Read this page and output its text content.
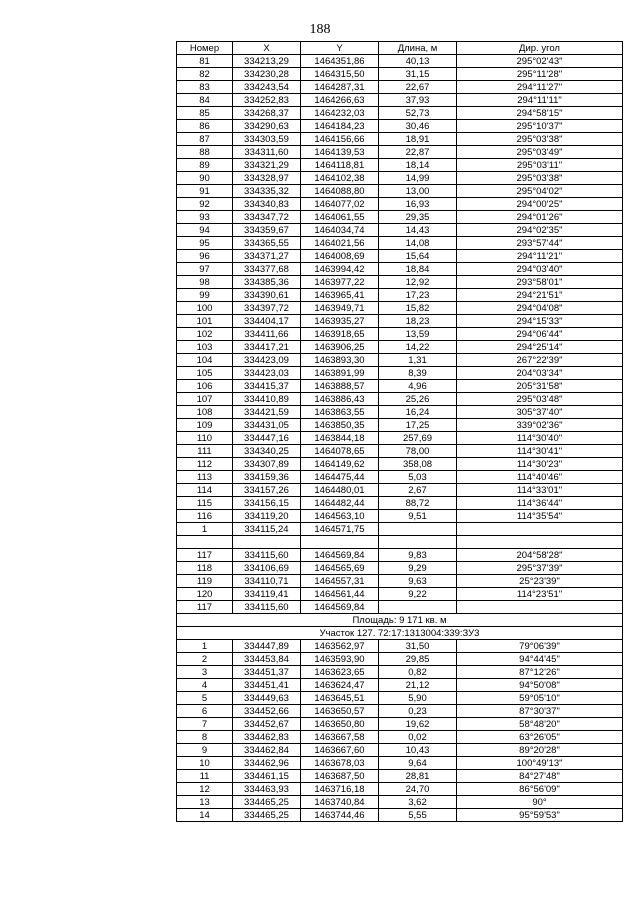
188
Номер	X	Y	Длина, м	Дир. угол
81	334213,29	1464351,86	40,13	295°02'43"
82	334230,28	1464315,50	31,15	295°11'28"
83	334243,54	1464287,31	22,67	294°11'27"
84	334252,83	1464266,63	37,93	294°11'11"
85	334268,37	1464232,03	52,73	294°58'15"
86	334290,63	1464184,23	30,46	295°10'37"
87	334303,59	1464156,66	18,91	295°03'38"
88	334311,60	1464139,53	22,87	295°03'49"
89	334321,29	1464118,81	18,14	295°03'11"
90	334328,97	1464102,38	14,99	295°03'38"
91	334335,32	1464088,80	13,00	295°04'02"
92	334340,83	1464077,02	16,93	294°00'25"
93	334347,72	1464061,55	29,35	294°01'26"
94	334359,67	1464034,74	14,43	294°02'35"
95	334365,55	1464021,56	14,08	293°57'44"
96	334371,27	1464008,69	15,64	294°11'21"
97	334377,68	1463994,42	18,84	294°03'40"
98	334385,36	1463977,22	12,92	293°58'01"
99	334390,61	1463965,41	17,23	294°21'51"
100	334397,72	1463949,71	15,82	294°04'08"
101	334404,17	1463935,27	18,23	294°15'33"
102	334411,66	1463918,65	13,59	294°06'44"
103	334417,21	1463906,25	14,22	294°25'14"
104	334423,09	1463893,30	1,31	267°22'39"
105	334423,03	1463891,99	8,39	204°03'34"
106	334415,37	1463888,57	4,96	205°31'58"
107	334410,89	1463886,43	25,26	295°03'48"
108	334421,59	1463863,55	16,24	305°37'40"
109	334431,05	1463850,35	17,25	339°02'36"
110	334447,16	1463844,18	257,69	114°30'40"
111	334340,25	1464078,65	78,00	114°30'41"
112	334307,89	1464149,62	358,08	114°30'23"
113	334159,36	1464475,44	5,03	114°40'46"
114	334157,26	1464480,01	2,67	114°33'01"
115	334156,15	1464482,44	88,72	114°36'44"
116	334119,20	1464563,10	9,51	114°35'54"
1	334115,24	1464571,75		

117	334115,60	1464569,84	9,83	204°58'28"
118	334106,69	1464565,69	9,29	295°37'39"
119	334110,71	1464557,31	9,63	25°23'39"
120	334119,41	1464561,44	9,22	114°23'51"
117	334115,60	1464569,84		
Площадь: 9 171 кв. м				
Участок 127. 72:17:1313004:339:ЗУ3				
1	334447,89	1463562,97	31,50	79°06'39"
2	334453,84	1463593,90	29,85	94°44'45"
3	334451,37	1463623,65	0,82	87°12'26"
4	334451,41	1463624,47	21,12	94°50'08"
5	334449,63	1463645,51	5,90	59°05'10"
6	334452,66	1463650,57	0,23	87°30'37"
7	334452,67	1463650,80	19,62	58°48'20"
8	334462,83	1463667,58	0,02	63°26'05"
9	334462,84	1463667,60	10,43	89°20'28"
10	334462,96	1463678,03	9,64	100°49'13"
11	334461,15	1463687,50	28,81	84°27'48"
12	334463,93	1463716,18	24,70	86°56'09"
13	334465,25	1463740,84	3,62	90°
14	334465,25	1463744,46	5,55	95°59'53"
